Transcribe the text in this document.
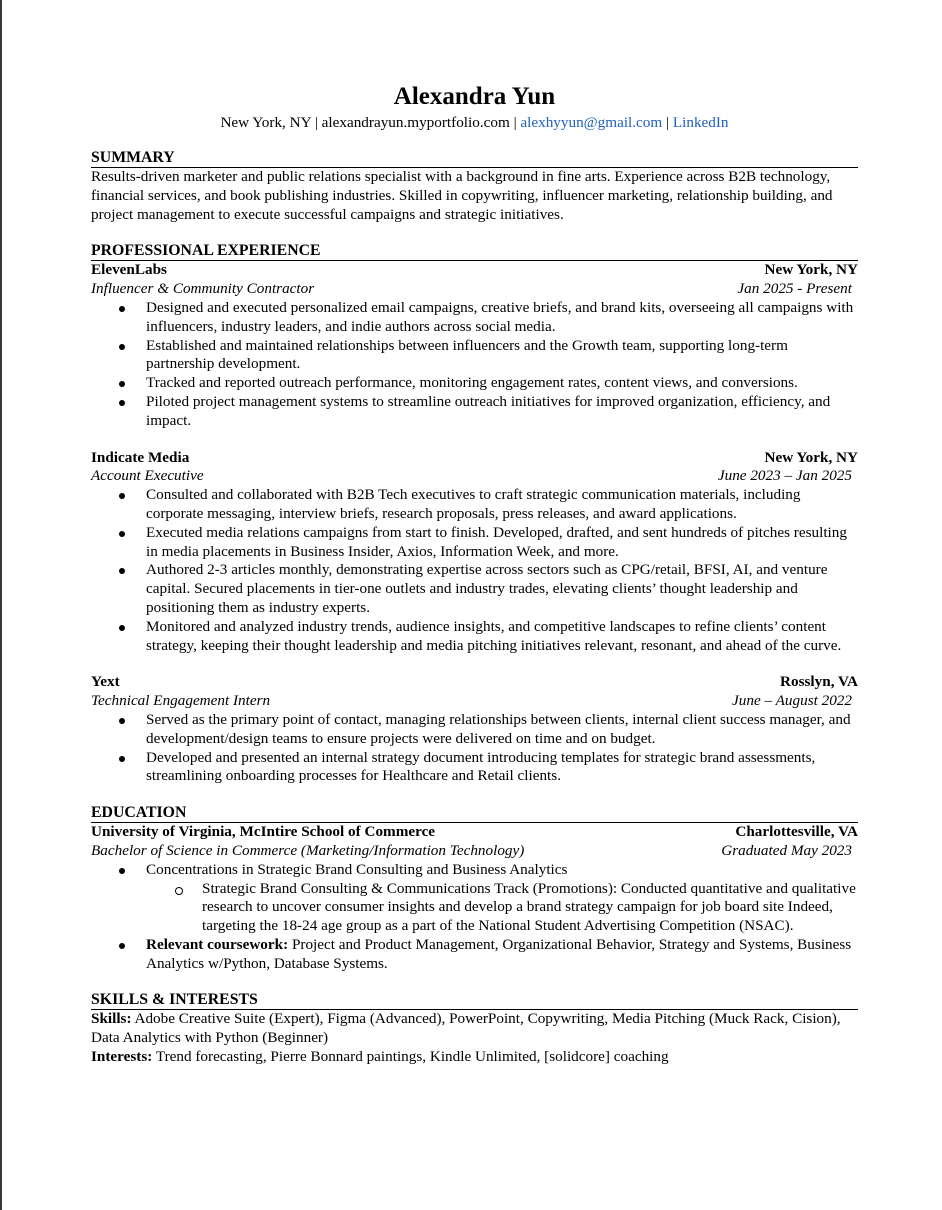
Alexandra Yun
New York, NY | alexandrayun.myportfolio.com | alexhyyun@gmail.com | LinkedIn
SUMMARY
Results-driven marketer and public relations specialist with a background in fine arts. Experience across B2B technology, financial services, and book publishing industries. Skilled in copywriting, influencer marketing, relationship building, and project management to execute successful campaigns and strategic initiatives.
PROFESSIONAL EXPERIENCE
ElevenLabs	New York, NY
Influencer & Community Contractor	Jan 2025 - Present
Designed and executed personalized email campaigns, creative briefs, and brand kits, overseeing all campaigns with influencers, industry leaders, and indie authors across social media.
Established and maintained relationships between influencers and the Growth team, supporting long-term partnership development.
Tracked and reported outreach performance, monitoring engagement rates, content views, and conversions.
Piloted project management systems to streamline outreach initiatives for improved organization, efficiency, and impact.
Indicate Media	New York, NY
Account Executive	June 2023 – Jan 2025
Consulted and collaborated with B2B Tech executives to craft strategic communication materials, including corporate messaging, interview briefs, research proposals, press releases, and award applications.
Executed media relations campaigns from start to finish. Developed, drafted, and sent hundreds of pitches resulting in media placements in Business Insider, Axios, Information Week, and more.
Authored 2-3 articles monthly, demonstrating expertise across sectors such as CPG/retail, BFSI, AI, and venture capital. Secured placements in tier-one outlets and industry trades, elevating clients’ thought leadership and positioning them as industry experts.
Monitored and analyzed industry trends, audience insights, and competitive landscapes to refine clients’ content strategy, keeping their thought leadership and media pitching initiatives relevant, resonant, and ahead of the curve.
Yext	Rosslyn, VA
Technical Engagement Intern	June – August 2022
Served as the primary point of contact, managing relationships between clients, internal client success manager, and development/design teams to ensure projects were delivered on time and on budget.
Developed and presented an internal strategy document introducing templates for strategic brand assessments, streamlining onboarding processes for Healthcare and Retail clients.
EDUCATION
University of Virginia, McIntire School of Commerce	Charlottesville, VA
Bachelor of Science in Commerce (Marketing/Information Technology)	Graduated May 2023
Concentrations in Strategic Brand Consulting and Business Analytics
Strategic Brand Consulting & Communications Track (Promotions): Conducted quantitative and qualitative research to uncover consumer insights and develop a brand strategy campaign for job board site Indeed, targeting the 18-24 age group as a part of the National Student Advertising Competition (NSAC).
Relevant coursework: Project and Product Management, Organizational Behavior, Strategy and Systems, Business Analytics w/Python, Database Systems.
SKILLS & INTERESTS
Skills: Adobe Creative Suite (Expert), Figma (Advanced), PowerPoint, Copywriting, Media Pitching (Muck Rack, Cision), Data Analytics with Python (Beginner)
Interests: Trend forecasting, Pierre Bonnard paintings, Kindle Unlimited, [solidcore] coaching
